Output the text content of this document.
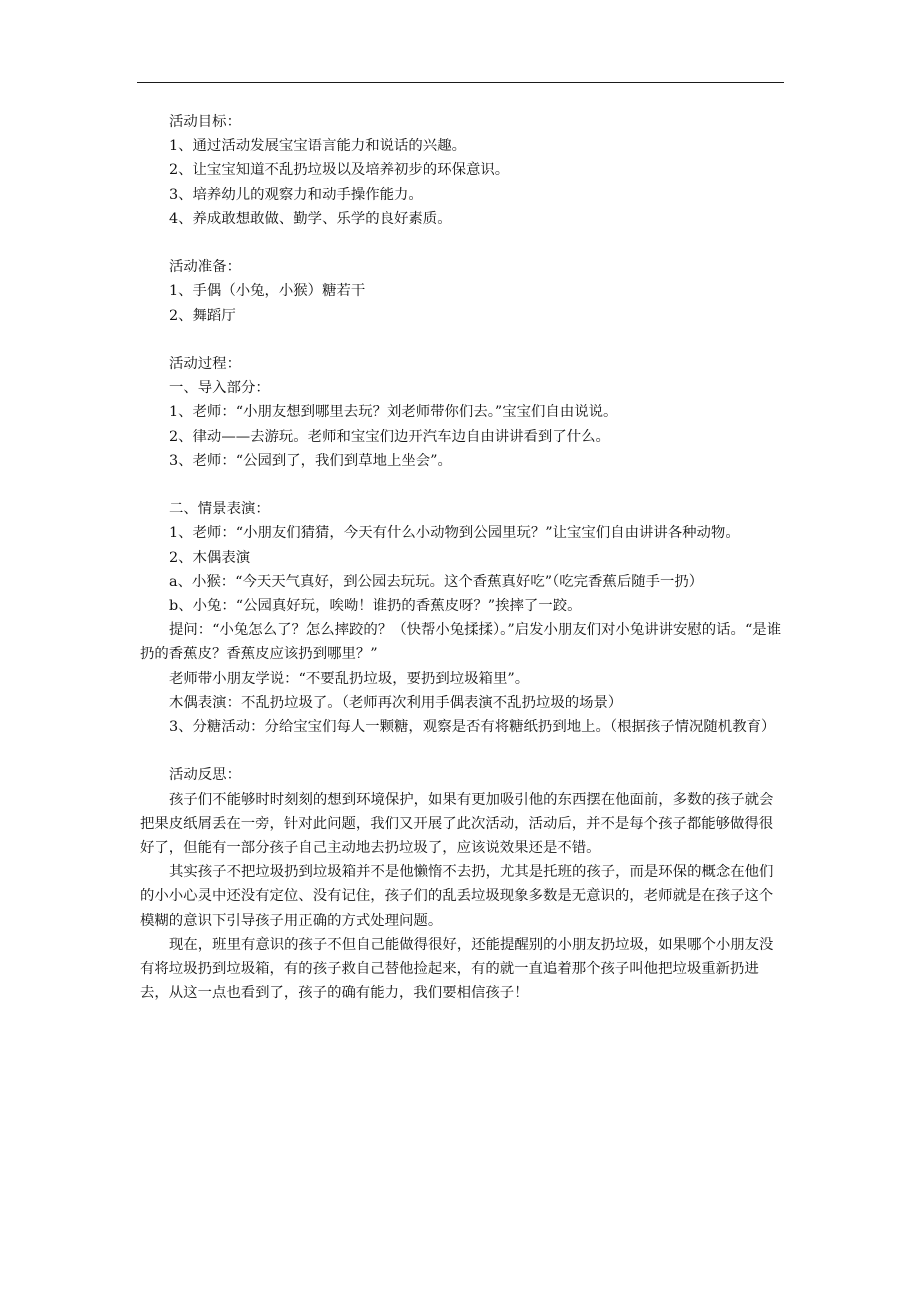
活动目标：
1、通过活动发展宝宝语言能力和说话的兴趣。
2、让宝宝知道不乱扔垃圾以及培养初步的环保意识。
3、培养幼儿的观察力和动手操作能力。
4、养成敢想敢做、勤学、乐学的良好素质。
活动准备：
1、手偶（小兔，小猴）糖若干
2、舞蹈厅
活动过程：
一、导入部分：
1、老师：“小朋友想到哪里去玩？刘老师带你们去。”宝宝们自由说说。
2、律动——去游玩。老师和宝宝们边开汽车边自由讲讲看到了什么。
3、老师：“公园到了，我们到草地上坐会”。
二、情景表演：
1、老师：“小朋友们猜猜，今天有什么小动物到公园里玩？”让宝宝们自由讲讲各种动物。
2、木偶表演
a、小猴：“今天天气真好，到公园去玩玩。这个香蕉真好吃”（吃完香蕉后随手一扔）
b、小兔：“公园真好玩，唉呦！谁扔的香蕉皮呀？”挨摔了一跤。
提问：“小兔怎么了？怎么摔跤的？（快帮小兔揉揉）。”启发小朋友们对小兔讲讲安慰的话。“是谁扔的香蕉皮？香蕉皮应该扔到哪里？”
老师带小朋友学说：“不要乱扔垃圾，要扔到垃圾箱里”。
木偶表演：不乱扔垃圾了。（老师再次利用手偶表演不乱扔垃圾的场景）
3、分糖活动：分给宝宝们每人一颗糖，观察是否有将糖纸扔到地上。（根据孩子情况随机教育）
活动反思：
孩子们不能够时时刻刻的想到环境保护，如果有更加吸引他的东西摆在他面前，多数的孩子就会把果皮纸屑丢在一旁，针对此问题，我们又开展了此次活动，活动后，并不是每个孩子都能够做得很好了，但能有一部分孩子自己主动地去扔垃圾了，应该说效果还是不错。
其实孩子不把垃圾扔到垃圾箱并不是他懒惰不去扔，尤其是托班的孩子，而是环保的概念在他们的小小心灵中还没有定位、没有记住，孩子们的乱丢垃圾现象多数是无意识的，老师就是在孩子这个模糊的意识下引导孩子用正确的方式处理问题。
现在，班里有意识的孩子不但自己能做得很好，还能提醒别的小朋友扔垃圾，如果哪个小朋友没有将垃圾扔到垃圾箱，有的孩子救自己替他捡起来，有的就一直追着那个孩子叫他把垃圾重新扔进去，从这一点也看到了，孩子的确有能力，我们要相信孩子！
